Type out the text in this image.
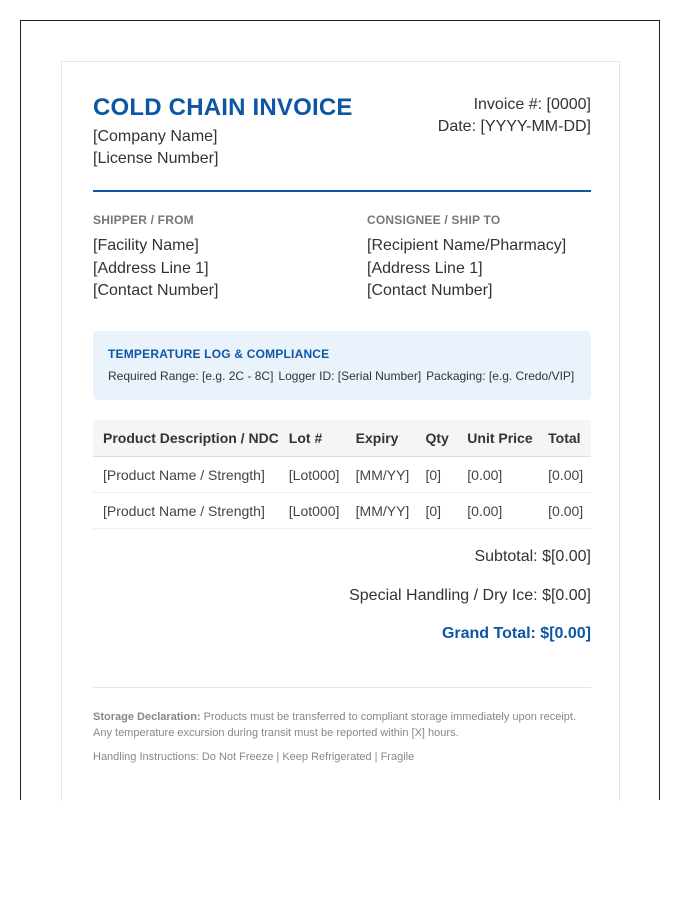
COLD CHAIN INVOICE
[Company Name]
[License Number]
Invoice #: [0000]
Date: [YYYY-MM-DD]
SHIPPER / FROM
[Facility Name]
[Address Line 1]
[Contact Number]
CONSIGNEE / SHIP TO
[Recipient Name/Pharmacy]
[Address Line 1]
[Contact Number]
TEMPERATURE LOG & COMPLIANCE
Required Range: [e.g. 2C - 8C] Logger ID: [Serial Number] Packaging: [e.g. Credo/VIP]
Product Description / NDC	Lot #	Expiry	Qty	Unit Price	Total
[Product Name / Strength]	[Lot000]	[MM/YY]	[0]	[0.00]	[0.00]
[Product Name / Strength]	[Lot000]	[MM/YY]	[0]	[0.00]	[0.00]
Subtotal: $[0.00]
Special Handling / Dry Ice: $[0.00]
Grand Total: $[0.00]
Storage Declaration: Products must be transferred to compliant storage immediately upon receipt. Any temperature excursion during transit must be reported within [X] hours.
Handling Instructions: Do Not Freeze | Keep Refrigerated | Fragile
